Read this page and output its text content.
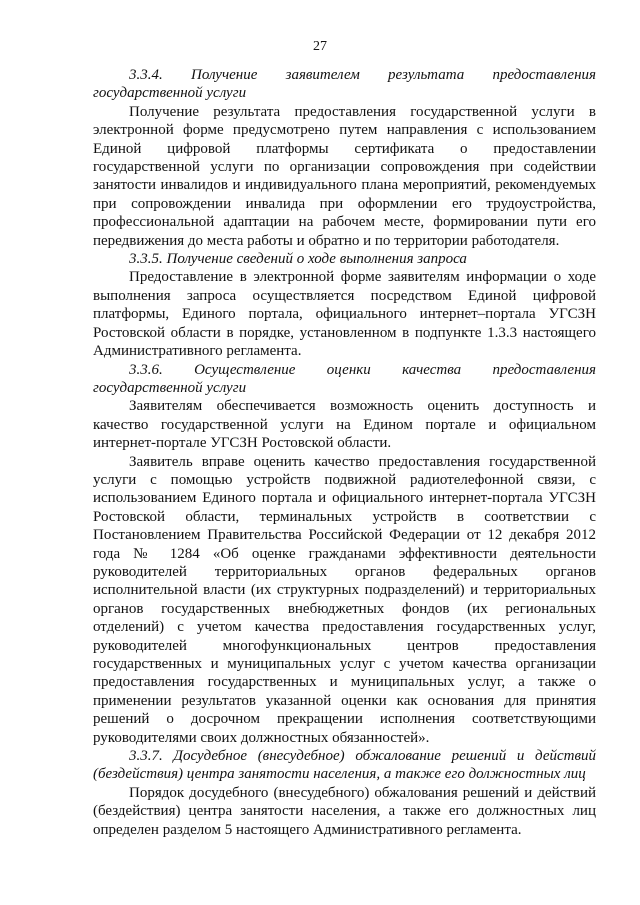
27

3.3.4. Получение заявителем результата предоставления государственной услуги

Получение результата предоставления государственной услуги в электронной форме предусмотрено путем направления с использованием Единой цифровой платформы сертификата о предоставлении государственной услуги по организации сопровождения при содействии занятости инвалидов и индивидуального плана мероприятий, рекомендуемых при сопровождении инвалида при оформлении его трудоустройства, профессиональной адаптации на рабочем месте, формировании пути его передвижения до места работы и обратно и по территории работодателя.

3.3.5. Получение сведений о ходе выполнения запроса

Предоставление в электронной форме заявителям информации о ходе выполнения запроса осуществляется посредством Единой цифровой платформы, Единого портала, официального интернет–портала УГСЗН Ростовской области в порядке, установленном в подпункте 1.3.3 настоящего Административного регламента.

3.3.6. Осуществление оценки качества предоставления государственной услуги

Заявителям обеспечивается возможность оценить доступность и качество государственной услуги на Едином портале и официальном интернет-портале УГСЗН Ростовской области.

Заявитель вправе оценить качество предоставления государственной услуги с помощью устройств подвижной радиотелефонной связи, с использованием Единого портала и официального интернет-портала УГСЗН Ростовской области, терминальных устройств в соответствии с Постановлением Правительства Российской Федерации от 12 декабря 2012 года № 1284 «Об оценке гражданами эффективности деятельности руководителей территориальных органов федеральных органов исполнительной власти (их структурных подразделений) и территориальных органов государственных внебюджетных фондов (их региональных отделений) с учетом качества предоставления государственных услуг, руководителей многофункциональных центров предоставления государственных и муниципальных услуг с учетом качества организации предоставления государственных и муниципальных услуг, а также о применении результатов указанной оценки как основания для принятия решений о досрочном прекращении исполнения соответствующими руководителями своих должностных обязанностей».

3.3.7. Досудебное (внесудебное) обжалование решений и действий (бездействия) центра занятости населения, а также его должностных лиц

Порядок досудебного (внесудебного) обжалования решений и действий (бездействия) центра занятости населения, а также его должностных лиц определен разделом 5 настоящего Административного регламента.
